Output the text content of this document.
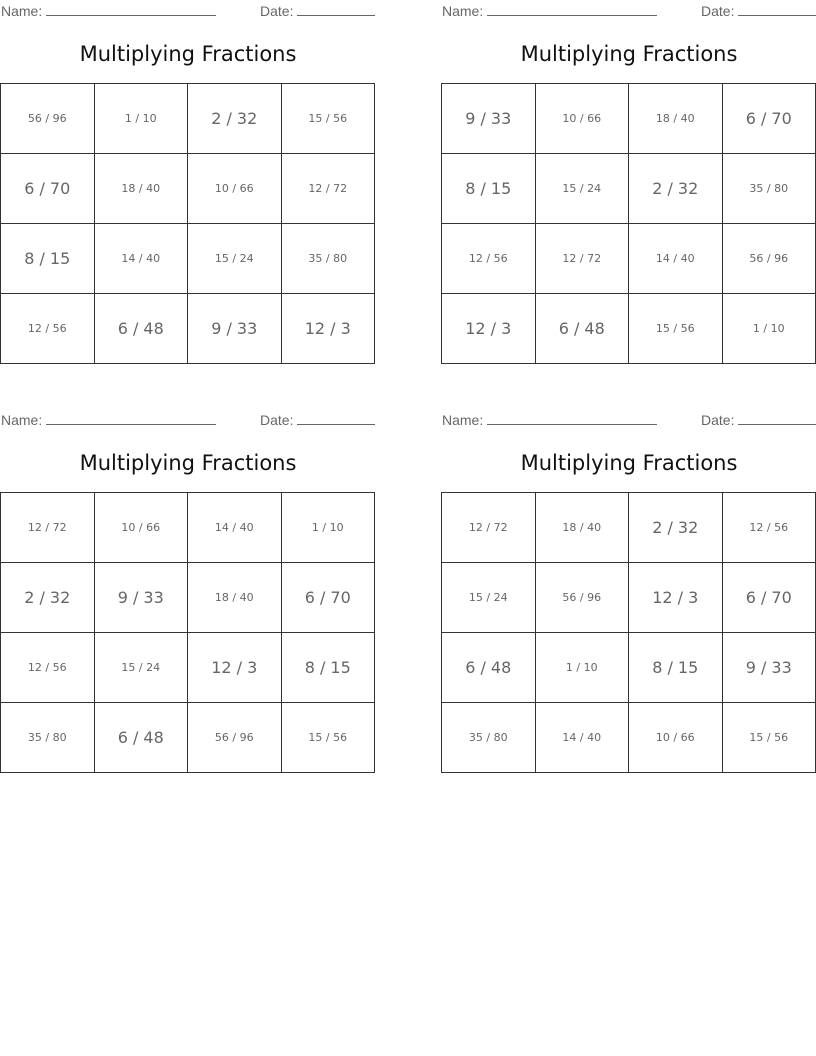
Name:	Date:
Multiplying Fractions
56 / 96	1 / 10	2 / 32	15 / 56
6 / 70	18 / 40	10 / 66	12 / 72
8 / 15	14 / 40	15 / 24	35 / 80
12 / 56	6 / 48	9 / 33	12 / 3
Name:	Date:
Multiplying Fractions
9 / 33	10 / 66	18 / 40	6 / 70
8 / 15	15 / 24	2 / 32	35 / 80
12 / 56	12 / 72	14 / 40	56 / 96
12 / 3	6 / 48	15 / 56	1 / 10
Name:	Date:
Multiplying Fractions
12 / 72	10 / 66	14 / 40	1 / 10
2 / 32	9 / 33	18 / 40	6 / 70
12 / 56	15 / 24	12 / 3	8 / 15
35 / 80	6 / 48	56 / 96	15 / 56
Name:	Date:
Multiplying Fractions
12 / 72	18 / 40	2 / 32	12 / 56
15 / 24	56 / 96	12 / 3	6 / 70
6 / 48	1 / 10	8 / 15	9 / 33
35 / 80	14 / 40	10 / 66	15 / 56
